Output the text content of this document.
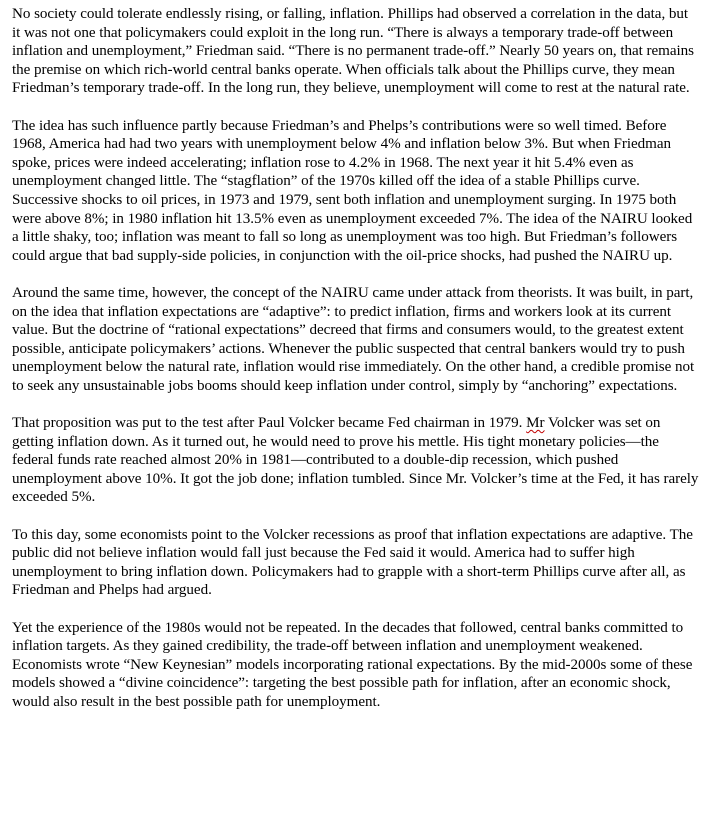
No society could tolerate endlessly rising, or falling, inflation. Phillips had observed a correlation in the data, but it was not one that policymakers could exploit in the long run. “There is always a temporary trade-off between inflation and unemployment,” Friedman said. “There is no permanent trade-off.” Nearly 50 years on, that remains the premise on which rich-world central banks operate. When officials talk about the Phillips curve, they mean Friedman’s temporary trade-off. In the long run, they believe, unemployment will come to rest at the natural rate.

The idea has such influence partly because Friedman’s and Phelps’s contributions were so well timed. Before 1968, America had had two years with unemployment below 4% and inflation below 3%. But when Friedman spoke, prices were indeed accelerating; inflation rose to 4.2% in 1968. The next year it hit 5.4% even as unemployment changed little. The “stagflation” of the 1970s killed off the idea of a stable Phillips curve. Successive shocks to oil prices, in 1973 and 1979, sent both inflation and unemployment surging. In 1975 both were above 8%; in 1980 inflation hit 13.5% even as unemployment exceeded 7%. The idea of the NAIRU looked a little shaky, too; inflation was meant to fall so long as unemployment was too high. But Friedman’s followers could argue that bad supply-side policies, in conjunction with the oil-price shocks, had pushed the NAIRU up.

Around the same time, however, the concept of the NAIRU came under attack from theorists. It was built, in part, on the idea that inflation expectations are “adaptive”: to predict inflation, firms and workers look at its current value. But the doctrine of “rational expectations” decreed that firms and consumers would, to the greatest extent possible, anticipate policymakers’ actions. Whenever the public suspected that central bankers would try to push unemployment below the natural rate, inflation would rise immediately. On the other hand, a credible promise not to seek any unsustainable jobs booms should keep inflation under control, simply by “anchoring” expectations.

That proposition was put to the test after Paul Volcker became Fed chairman in 1979. Mr Volcker was set on getting inflation down. As it turned out, he would need to prove his mettle. His tight monetary policies—the federal funds rate reached almost 20% in 1981—contributed to a double-dip recession, which pushed unemployment above 10%. It got the job done; inflation tumbled. Since Mr. Volcker’s time at the Fed, it has rarely exceeded 5%.

To this day, some economists point to the Volcker recessions as proof that inflation expectations are adaptive. The public did not believe inflation would fall just because the Fed said it would. America had to suffer high unemployment to bring inflation down. Policymakers had to grapple with a short-term Phillips curve after all, as Friedman and Phelps had argued.

Yet the experience of the 1980s would not be repeated. In the decades that followed, central banks committed to inflation targets. As they gained credibility, the trade-off between inflation and unemployment weakened. Economists wrote “New Keynesian” models incorporating rational expectations. By the mid-2000s some of these models showed a “divine coincidence”: targeting the best possible path for inflation, after an economic shock, would also result in the best possible path for unemployment.
